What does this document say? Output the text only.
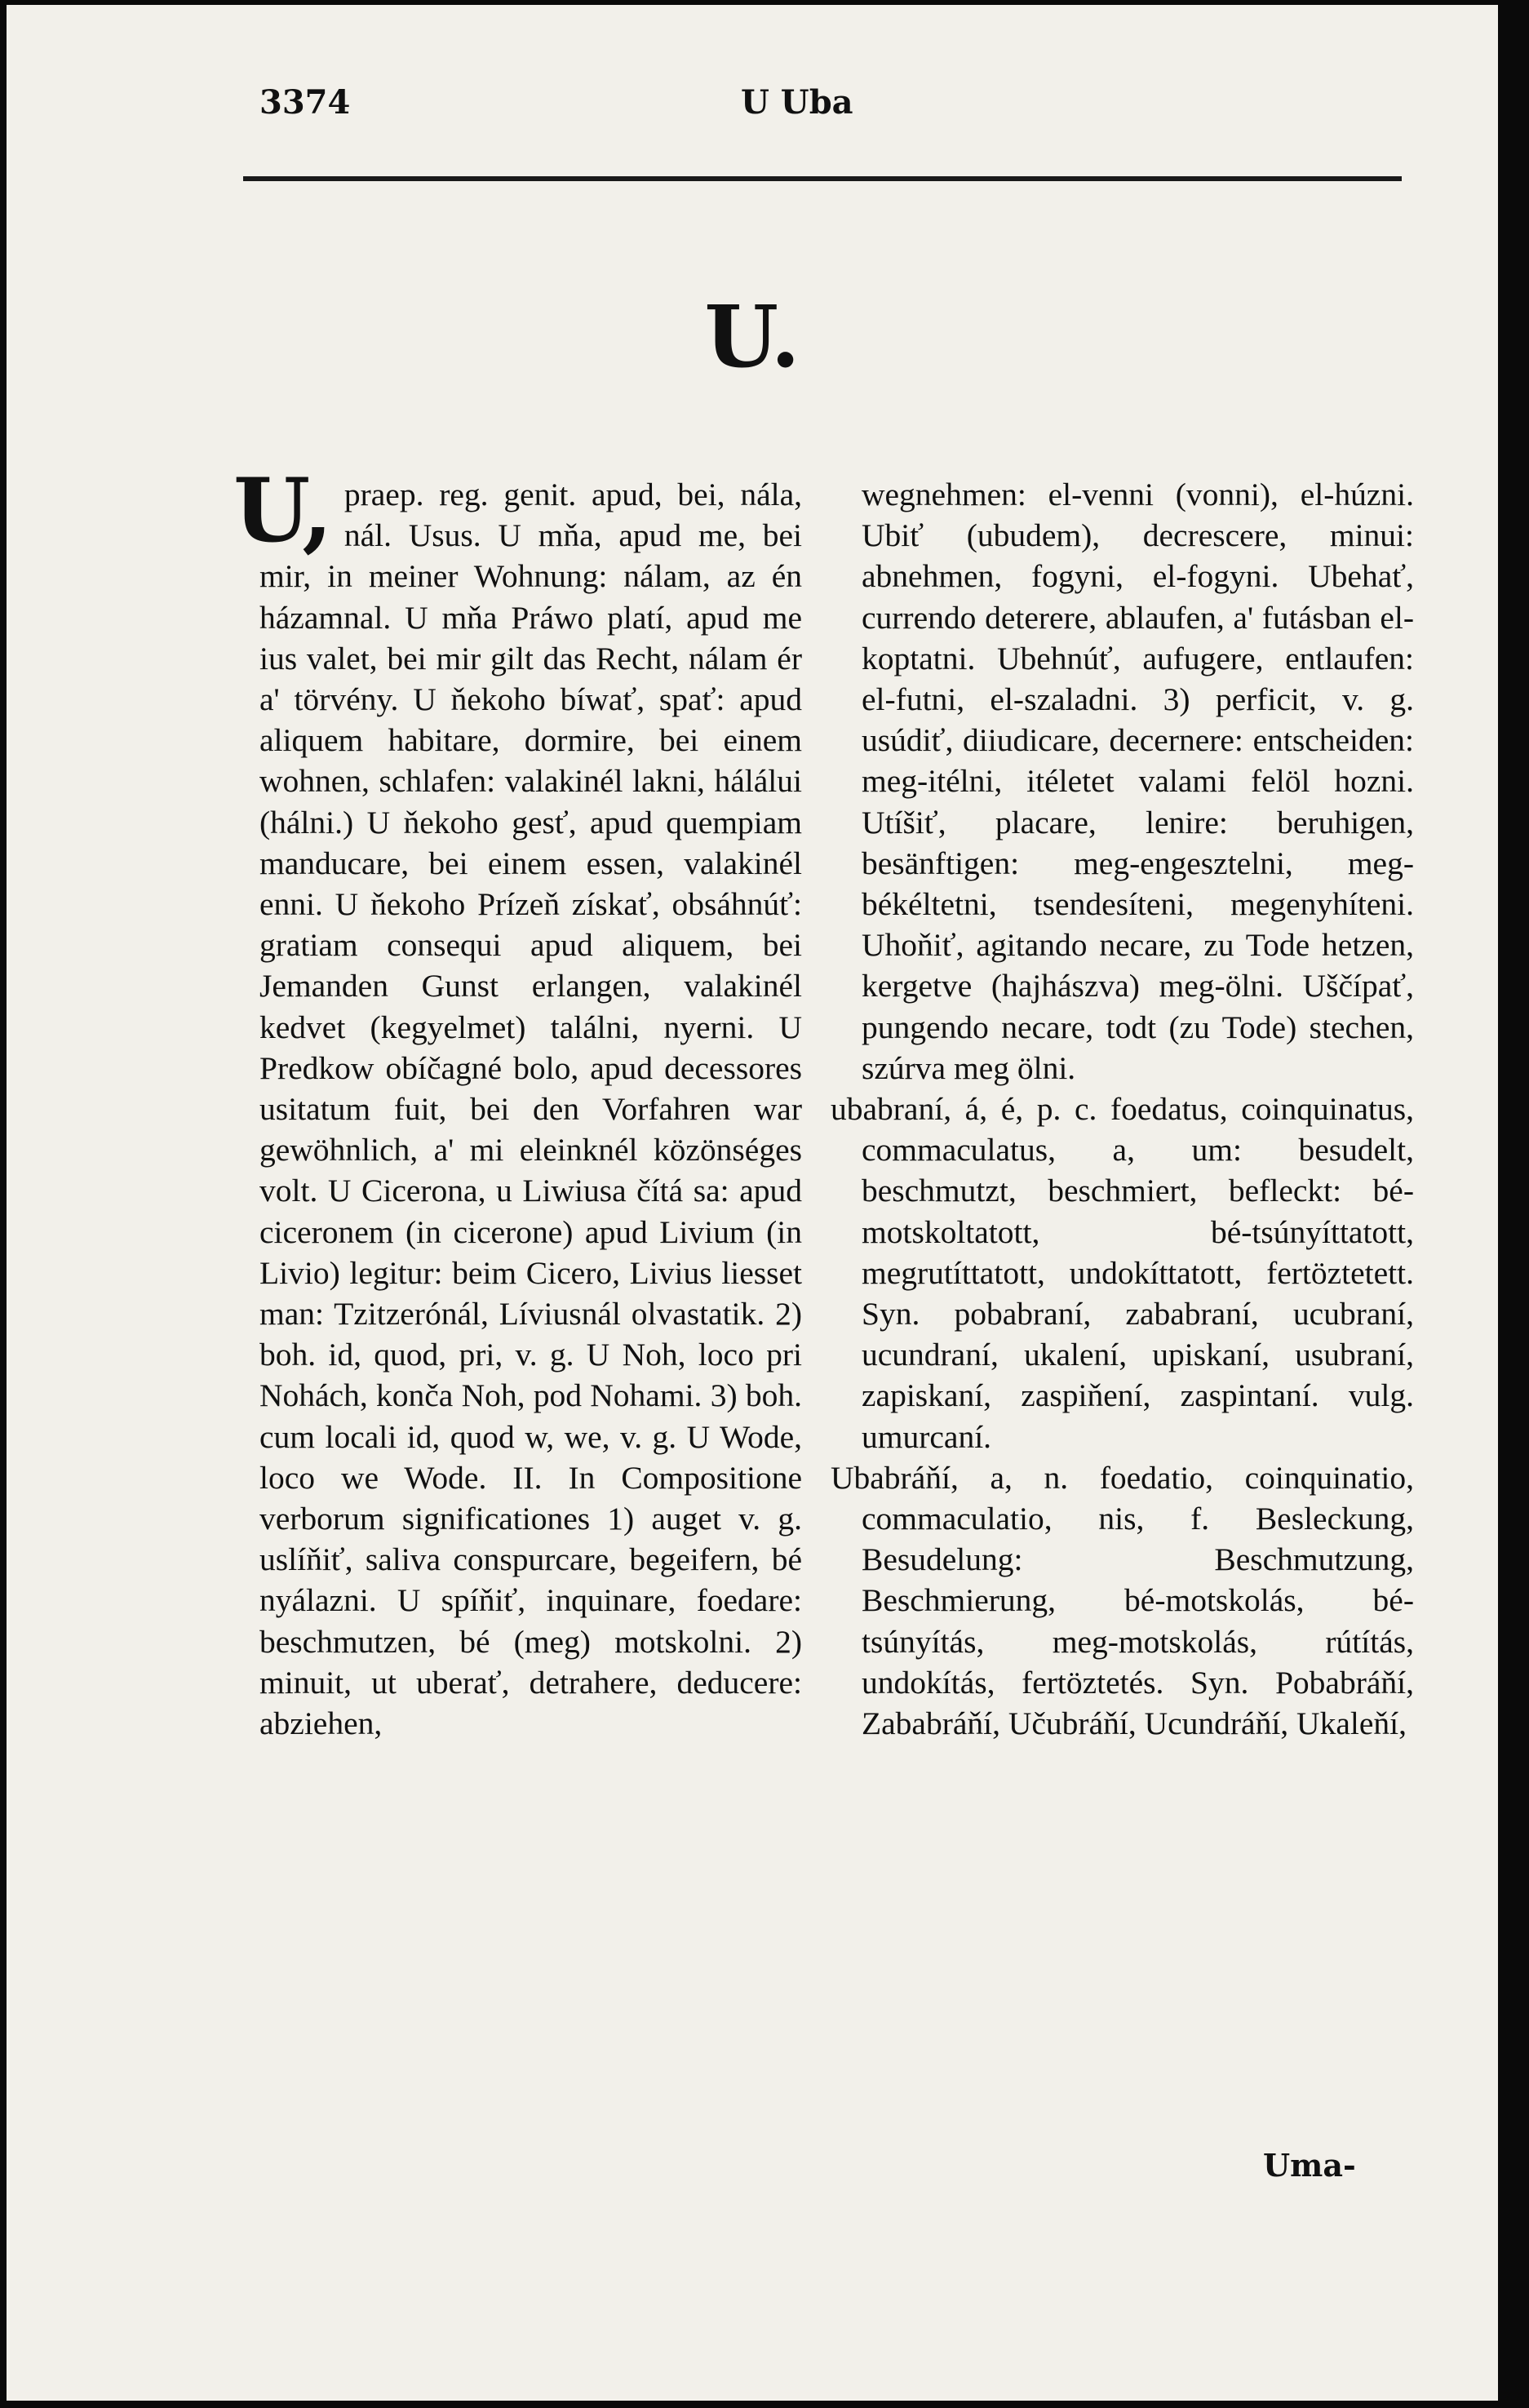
3374	U Uba
U.

U, praep. reg. genit. apud, bei, nála, nál. Usus. U mňa, apud me, bei mir, in meiner Wohnung: nálam, az én házamnal. U mňa Práwo platí, apud me ius valet, bei mir gilt das Recht, nálam ér a' törvény. U ňekoho bíwať, spať: apud aliquem habitare, dormire, bei einem wohnen, schlafen: valakinél lakni, hálálui (hálni.) U ňekoho gesť, apud quempiam manducare, bei einem essen, valakinél enni. U ňekoho Prízeň získať, obsáhnúť: gratiam consequi apud aliquem, bei Jemanden Gunst erlangen, valakinél kedvet (kegyelmet) találni, nyerni. U Predkow obíčagné bolo, apud decessores usitatum fuit, bei den Vorfahren war gewöhnlich, a' mi eleinknél közönséges volt. U Cicerona, u Liwiusa čítá sa: apud ciceronem (in cicerone) apud Livium (in Livio) legitur: beim Cicero, Livius liesset man: Tzitzerónál, Líviusnál olvastatik. 2) boh. id, quod, pri, v. g. U Noh, loco pri Nohách, konča Noh, pod Nohami. 3) boh. cum locali id, quod w, we, v. g. U Wode, loco we Wode. II. In Compositione verborum significationes 1) auget v. g. uslíňiť, saliva conspurcare, begeifern, bé nyálazni. U spíňiť, inquinare, foedare: beschmutzen, bé (meg) motskolni. 2) minuit, ut uberať, detrahere, deducere: abziehen,

wegnehmen: el-venni (vonni), el-húzni. Ubiť (ubudem), decrescere, minui: abnehmen, fogyni, el-fogyni. Ubehať, currendo deterere, ablaufen, a' futásban el-koptatni. Ubehnúť, aufugere, entlaufen: el-futni, el-szaladni. 3) perficit, v. g. usúdiť, diiudicare, decernere: entscheiden: meg-itélni, itéletet valami felöl hozni. Utíšiť, placare, lenire: beruhigen, besänftigen: meg-engesztelni, meg-békéltetni, tsendesíteni, megenyhíteni. Uhoňiť, agitando necare, zu Tode hetzen, kergetve (hajhászva) meg-ölni. Uščípať, pungendo necare, todt (zu Tode) stechen, szúrva meg ölni.

ubabraní, á, é, p. c. foedatus, coinquinatus, commaculatus, a, um: besudelt, beschmutzt, beschmiert, befleckt: bé-motskoltatott, bé-tsúnyíttatott, megrutíttatott, undokíttatott, fertöztetett. Syn. pobabraní, zababraní, ucubraní, ucundraní, ukalení, upiskaní, usubraní, zapiskaní, zaspiňení, zaspintaní. vulg. umurcaní.

Ubabráňí, a, n. foedatio, coinquinatio, commaculatio, nis, f. Besleckung, Besudelung: Beschmutzung, Beschmierung, bé-motskolás, bé-tsúnyítás, meg-motskolás, rútítás, undokítás, fertöztetés. Syn. Pobabráňí, Zababráňí, Učubráňí, Ucundráňí, Ukaleňí,

Uma-
